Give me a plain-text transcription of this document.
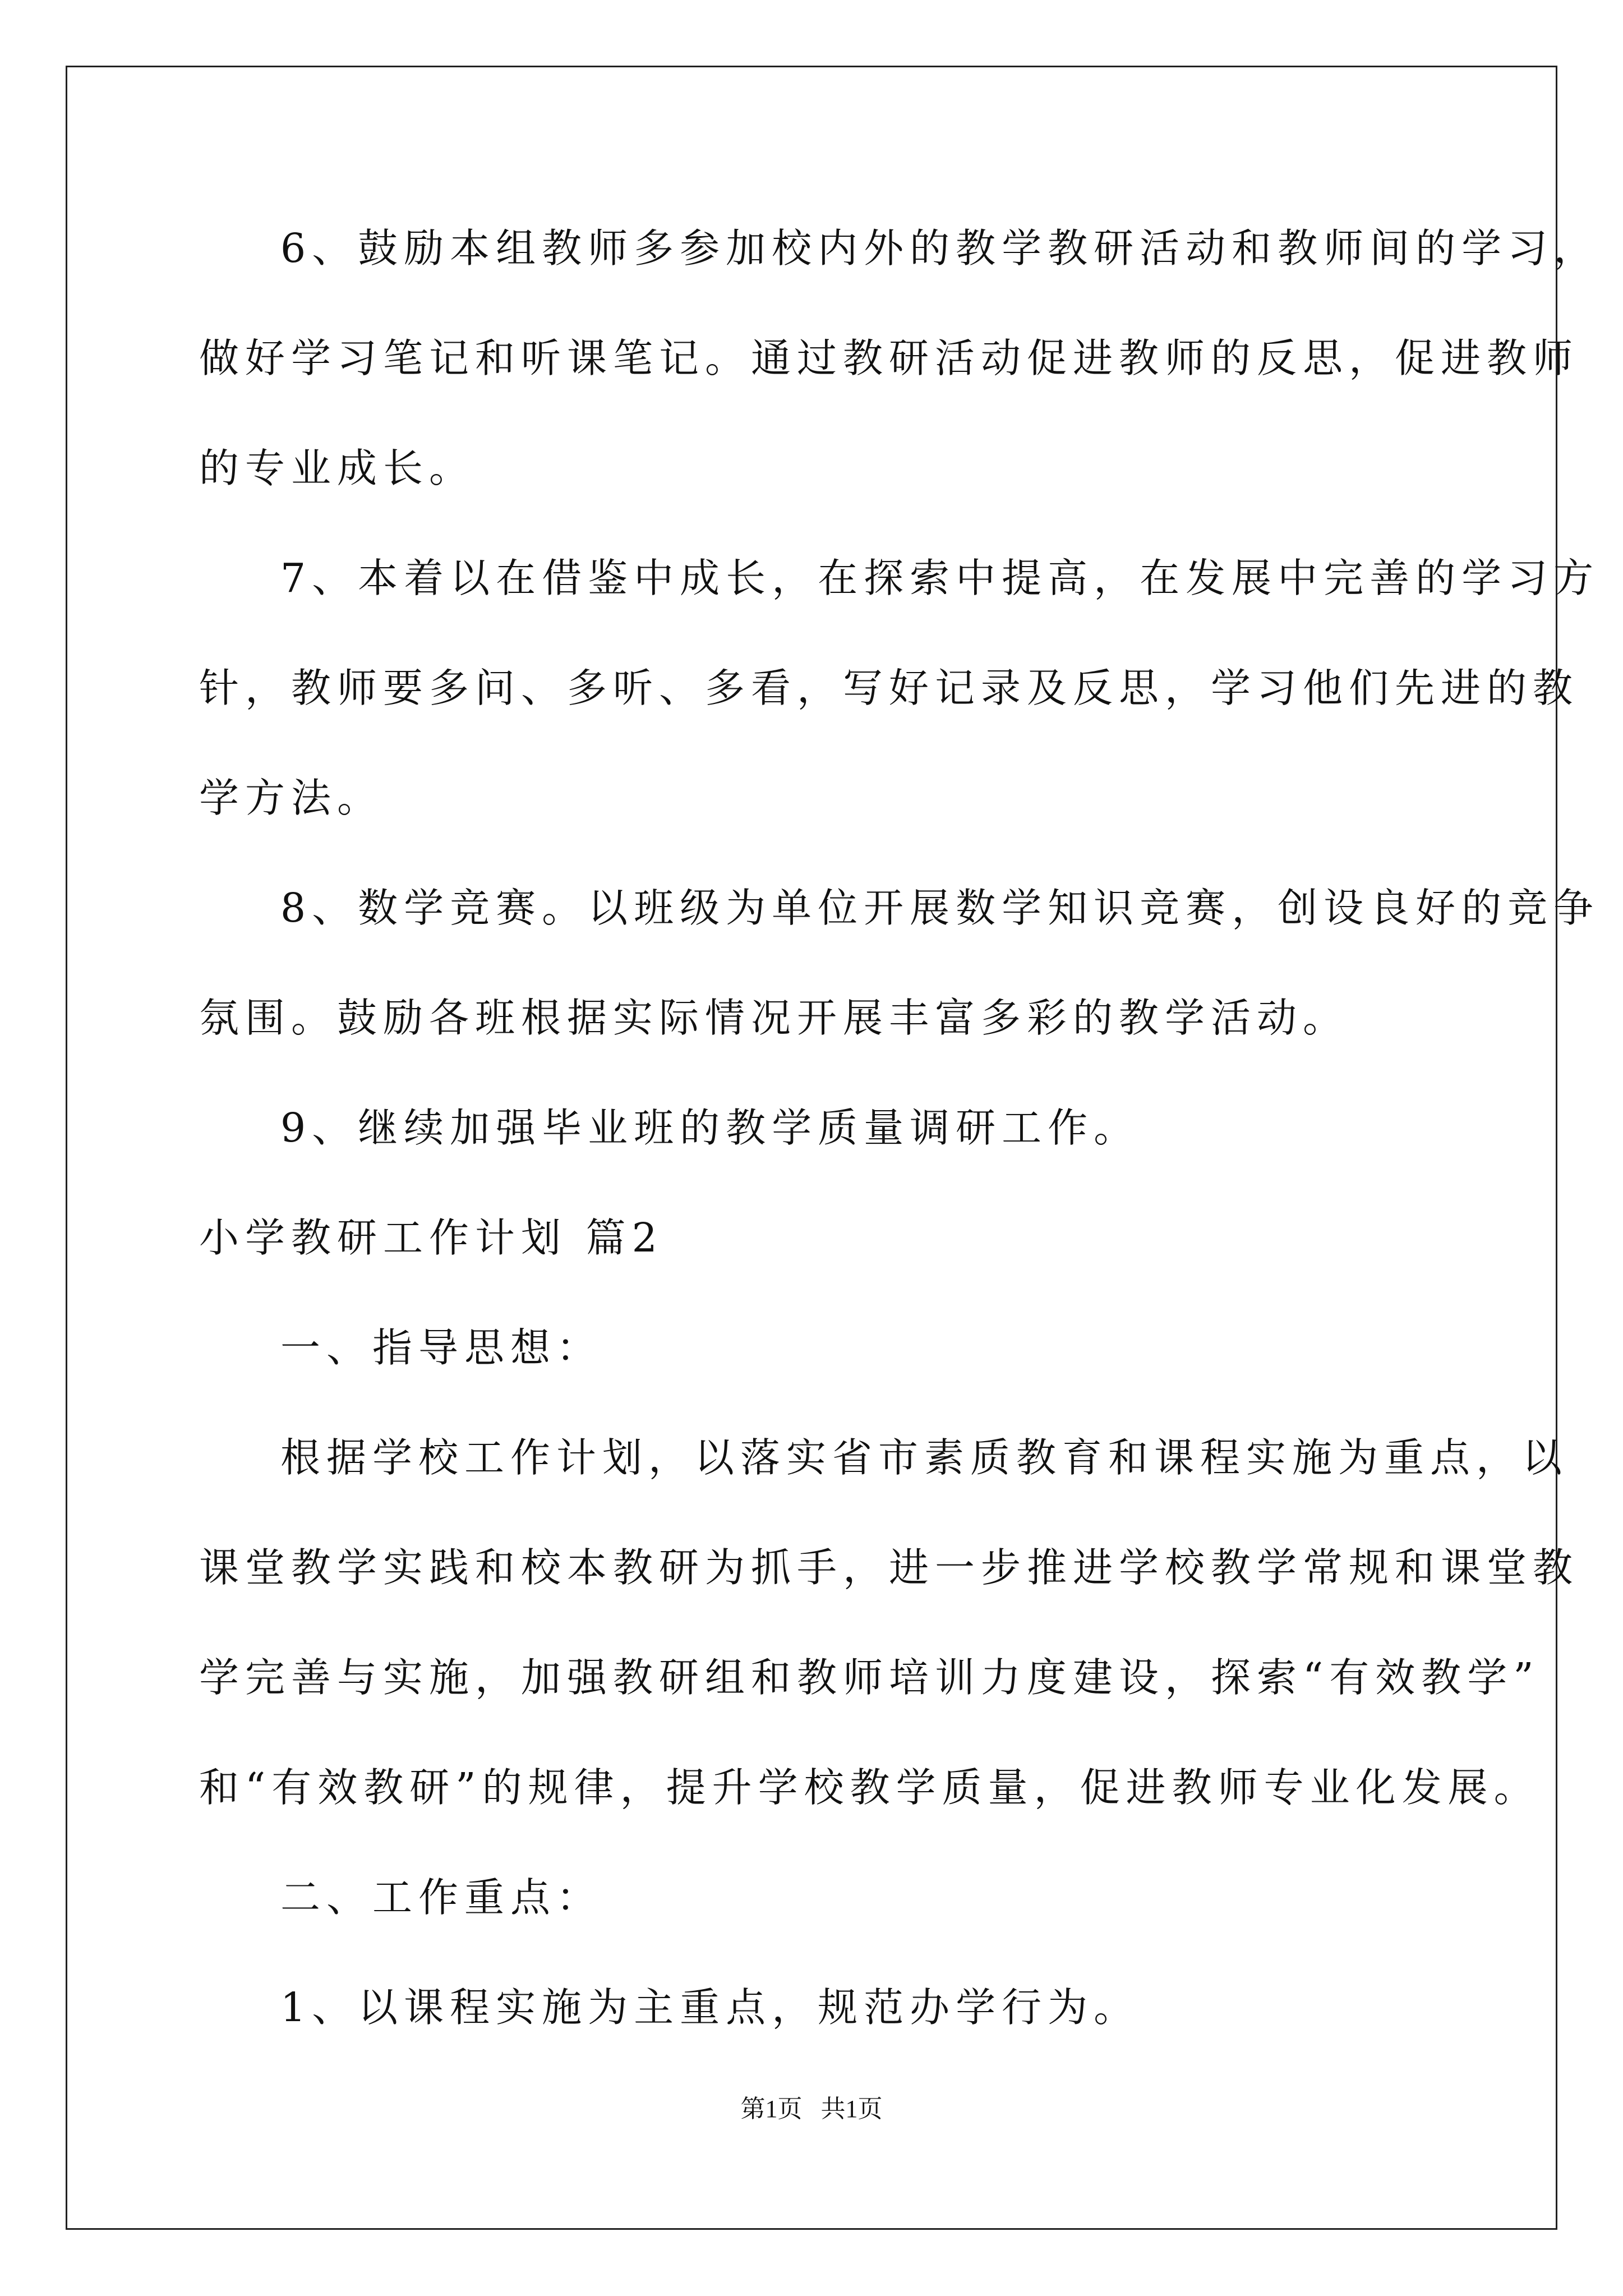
6、鼓励本组教师多参加校内外的教学教研活动和教师间的学习，
做好学习笔记和听课笔记。通过教研活动促进教师的反思，促进教师
的专业成长。
7、本着以在借鉴中成长，在探索中提高，在发展中完善的学习方
针，教师要多问、多听、多看，写好记录及反思，学习他们先进的教
学方法。
8、数学竞赛。以班级为单位开展数学知识竞赛，创设良好的竞争
氛围。鼓励各班根据实际情况开展丰富多彩的教学活动。
9、继续加强毕业班的教学质量调研工作。
小学教研工作计划 篇2
一、指导思想：
根据学校工作计划，以落实省市素质教育和课程实施为重点，以
课堂教学实践和校本教研为抓手，进一步推进学校教学常规和课堂教
学完善与实施，加强教研组和教师培训力度建设，探索“有效教学”
和“有效教研”的规律，提升学校教学质量，促进教师专业化发展。
二、工作重点：
1、以课程实施为主重点，规范办学行为。
第1页   共1页
